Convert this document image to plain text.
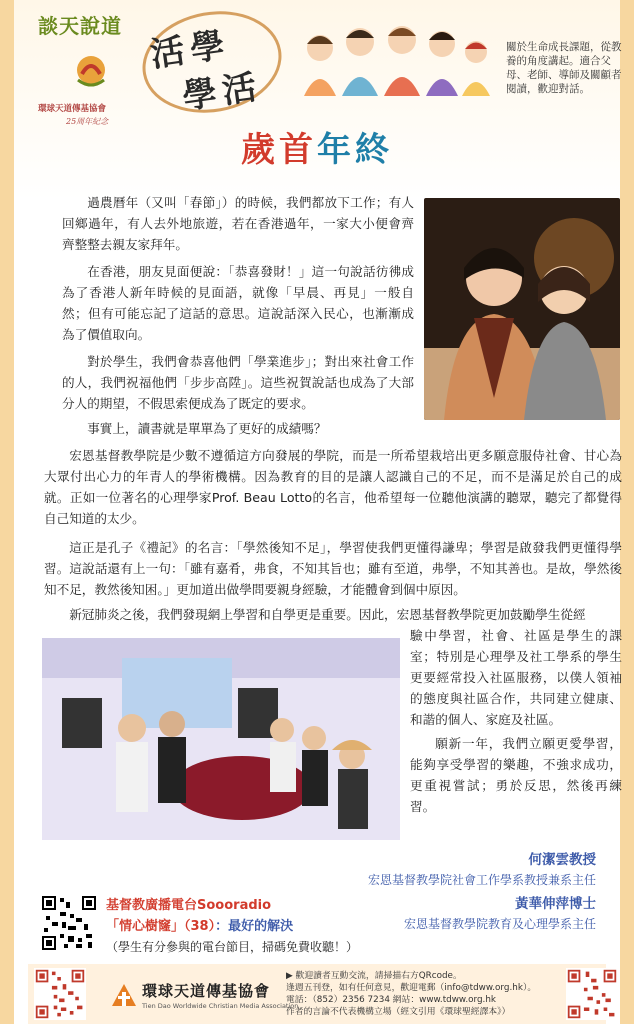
談天說道
環球天道傳基協會
25周年紀念
活學
學活
關於生命成長課題，從教養的角度講起。適合父母、老師、導師及關顧者閱讀，歡迎對話。
歲首年終

過農曆年（又叫「春節」）的時候，我們都放下工作；有人回鄉過年，有人去外地旅遊，若在香港過年，一家大小便會齊齊整整去親友家拜年。

在香港，朋友見面便說：「恭喜發財！」這一句說話彷彿成為了香港人新年時候的見面語，就像「早晨、再見」一般自然；但有可能忘記了這話的意思。這說話深入民心，也漸漸成為了價值取向。

對於學生，我們會恭喜他們「學業進步」；對出來社會工作的人，我們祝福他們「步步高陞」。這些祝賀說話也成為了大部分人的期望，不假思索便成為了既定的要求。

事實上，讀書就是單單為了更好的成績嗎？

宏恩基督教學院是少數不遵循這方向發展的學院，而是一所希望栽培出更多願意服侍社會、甘心為大眾付出心力的年青人的學術機構。因為教育的目的是讓人認識自己的不足，而不是滿足於自己的成就。正如一位著名的心理學家Prof. Beau Lotto的名言，他希望每一位聽他演講的聽眾，聽完了都覺得自己知道的太少。

這正是孔子《禮記》的名言：「學然後知不足」，學習使我們更懂得謙卑；學習是啟發我們更懂得學習。這說話還有上一句：「雖有嘉肴，弗食，不知其旨也；雖有至道，弗學，不知其善也。是故，學然後知不足，教然後知困。」更加道出做學問要親身經驗，才能體會到個中原因。

新冠肺炎之後，我們發現網上學習和自學更是重要。因此，宏恩基督教學院更加鼓勵學生從經

驗中學習，社會、社區是學生的課室；特別是心理學及社工學系的學生更要經常投入社區服務，以僕人領袖的態度與社區合作，共同建立健康、和諧的個人、家庭及社區。

願新一年，我們立願更愛學習，能夠享受學習的樂趣，不強求成功，更重視嘗試；勇於反思，然後再練習。

何潔雲教授
宏恩基督教學院社會工作學系教授兼系主任
黃華伸萍博士
宏恩基督教學院教育及心理學系主任
基督教廣播電台Soooradio
「情心樹窿」（38）：最好的解決
（學生有分參與的電台節目，掃碼免費收聽！）
環球天道傳基協會
Tien Dao Worldwide Christian Media Association
▶ 歡迎讀者互動交流，請掃描右方QRcode。
逢週五刊登，如有任何意見，歡迎電郵（info@tdww.org.hk）。
電話：（852）2356 7234 網站：www.tdww.org.hk
作者的言論不代表機構立場（經文引用《環球聖經譯本》）
